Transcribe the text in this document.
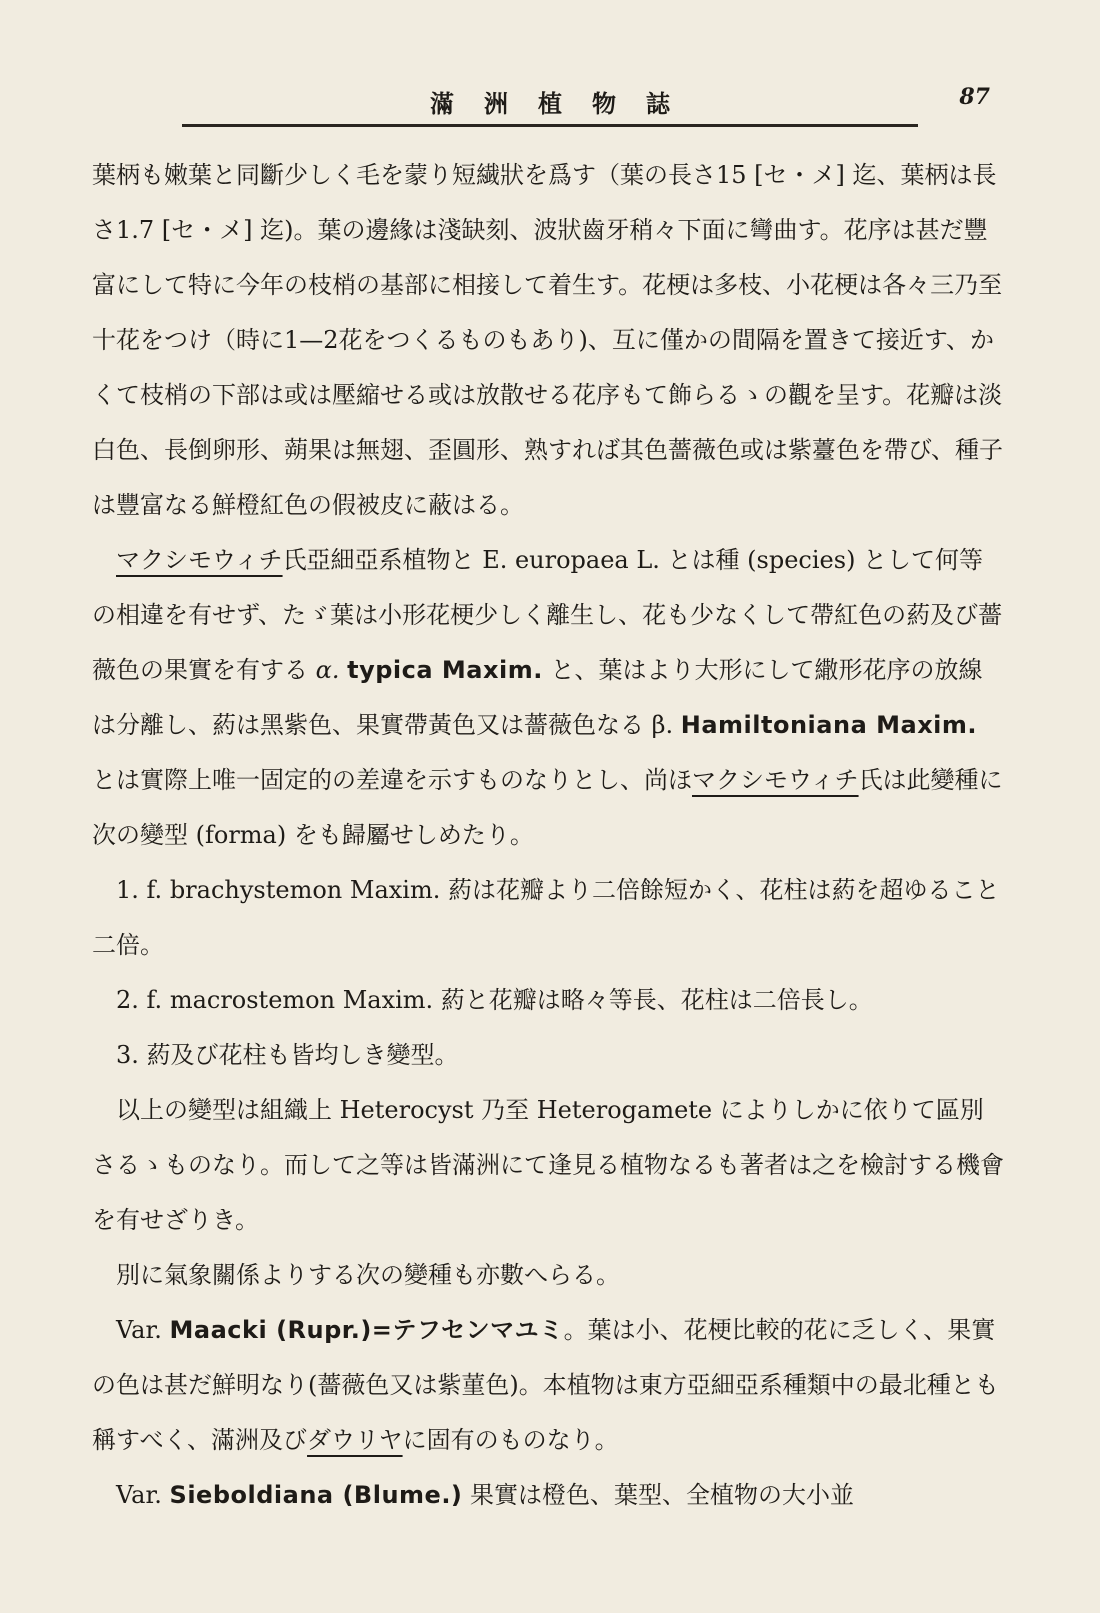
滿洲植物誌	87

葉柄も嫩葉と同斷少しく毛を蒙り短繊狀を爲す（葉の長さ15 [セ・メ] 迄、葉柄は長さ1.7 [セ・メ] 迄)。葉の邊緣は淺缺刻、波狀齒牙稍々下面に彎曲す。花序は甚だ豐富にして特に今年の枝梢の基部に相接して着生す。花梗は多枝、小花梗は各々三乃至十花をつけ（時に1—2花をつくるものもあり)、互に僅かの間隔を置きて接近す、かくて枝梢の下部は或は壓縮せる或は放散せる花序もて飾らるゝの觀を呈す。花瓣は淡白色、長倒卵形、蒴果は無翅、歪圓形、熟すれば其色薔薇色或は紫薹色を帶び、種子は豐富なる鮮橙紅色の假被皮に蔽はる。

マクシモウィチ氏亞細亞系植物と E. europaea L. とは種 (species) として何等の相違を有せず、たゞ葉は小形花梗少しく離生し、花も少なくして帶紅色の葯及び薔薇色の果實を有する α. typica Maxim. と、葉はより大形にして繖形花序の放線は分離し、葯は黑紫色、果實帶黃色又は薔薇色なる β. Hamiltoniana Maxim. とは實際上唯一固定的の差違を示すものなりとし、尚ほマクシモウィチ氏は此變種に次の變型 (forma) をも歸屬せしめたり。

1. f. brachystemon Maxim. 葯は花瓣より二倍餘短かく、花柱は葯を超ゆること二倍。

2. f. macrostemon Maxim. 葯と花瓣は略々等長、花柱は二倍長し。

3. 葯及び花柱も皆均しき變型。

以上の變型は組織上 Heterocyst 乃至 Heterogamete によりしかに依りて區別さるゝものなり。而して之等は皆滿洲にて逢見る植物なるも著者は之を檢討する機會を有せざりき。

別に氣象關係よりする次の變種も亦數へらる。

Var. Maacki (Rupr.)=テフセンマユミ。葉は小、花梗比較的花に乏しく、果實の色は甚だ鮮明なり(薔薇色又は紫菫色)。本植物は東方亞細亞系種類中の最北種とも稱すべく、滿洲及びダウリヤに固有のものなり。

Var. Sieboldiana (Blume.) 果實は橙色、葉型、全植物の大小並
